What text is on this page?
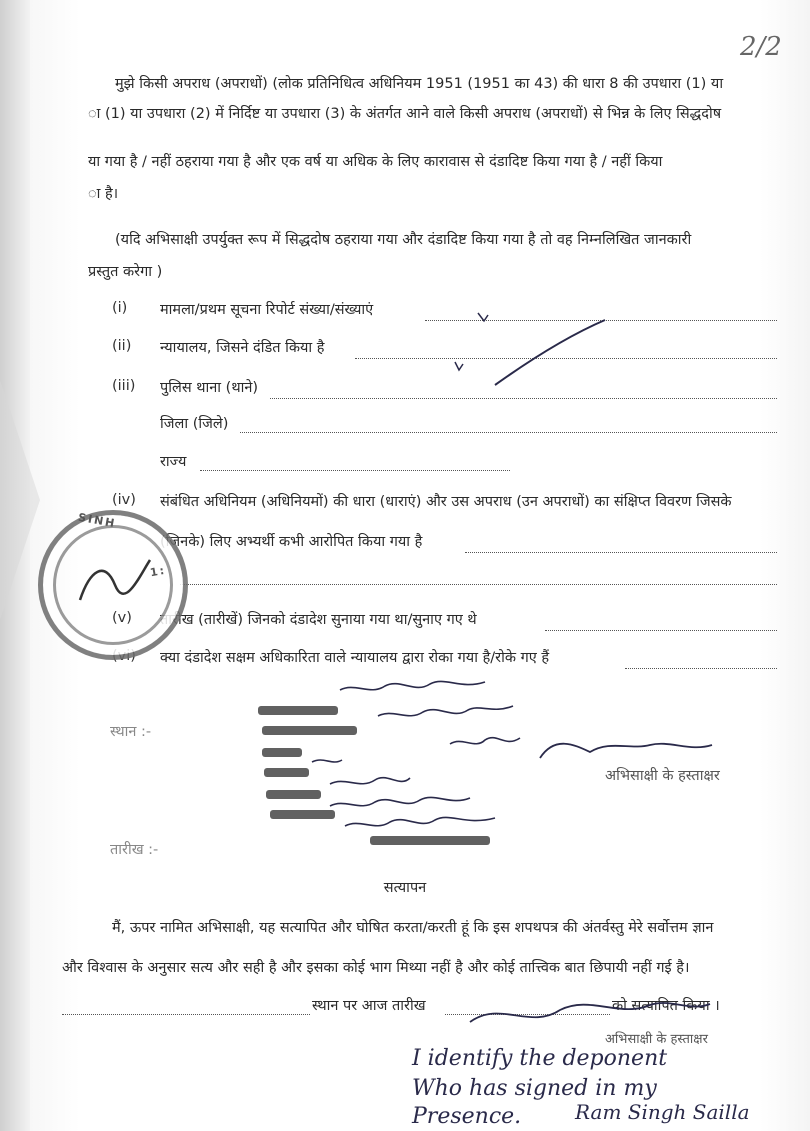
2/2
मुझे किसी अपराध (अपराधों) (लोक प्रतिनिधित्व अधिनियम 1951 (1951 का 43) की धारा 8 की उपधारा (1) या
ा (1) या उपधारा (2) में निर्दिष्ट या उपधारा (3) के अंतर्गत आने वाले किसी अपराध (अपराधों) से भिन्न के लिए सिद्धदोष
या गया है / नहीं ठहराया गया है और एक वर्ष या अधिक के लिए कारावास से दंडादिष्ट किया गया है / नहीं किया
ा है।
(यदि अभिसाक्षी उपर्युक्त रूप में सिद्धदोष ठहराया गया और दंडादिष्ट किया गया है तो वह निम्नलिखित जानकारी
प्रस्तुत करेगा )
(i) मामला/प्रथम सूचना रिपोर्ट संख्या/संख्याएं
(ii) न्यायालय, जिसने दंडित किया है
(iii) पुलिस थाना (थाने)
जिला (जिले)
राज्य
(iv) संबंधित अधिनियम (अधिनियमों) की धारा (धाराएं) और उस अपराध (उन अपराधों) का संक्षिप्त विवरण जिसके
(जिनके) लिए अभ्यर्थी कभी आरोपित किया गया है
(v) तारीख (तारीखें) जिनको दंडादेश सुनाया गया था/सुनाए गए थे
(vi) क्या दंडादेश सक्षम अधिकारिता वाले न्यायालय द्वारा रोका गया है/रोके गए हैं
SINH
1:
स्थान :-
तारीख :-
अभिसाक्षी के हस्ताक्षर
सत्यापन
मैं, ऊपर नामित अभिसाक्षी, यह सत्यापित और घोषित करता/करती हूं कि इस शपथपत्र की अंतर्वस्तु मेरे सर्वोत्तम ज्ञान
और विश्वास के अनुसार सत्य और सही है और इसका कोई भाग मिथ्या नहीं है और कोई तात्त्विक बात छिपायी नहीं गई है।
स्थान पर आज तारीख	को सत्यापित किया ।
अभिसाक्षी के हस्ताक्षर
I identify the deponent
Who has signed in my
Presence.	Ram Singh Sailla
